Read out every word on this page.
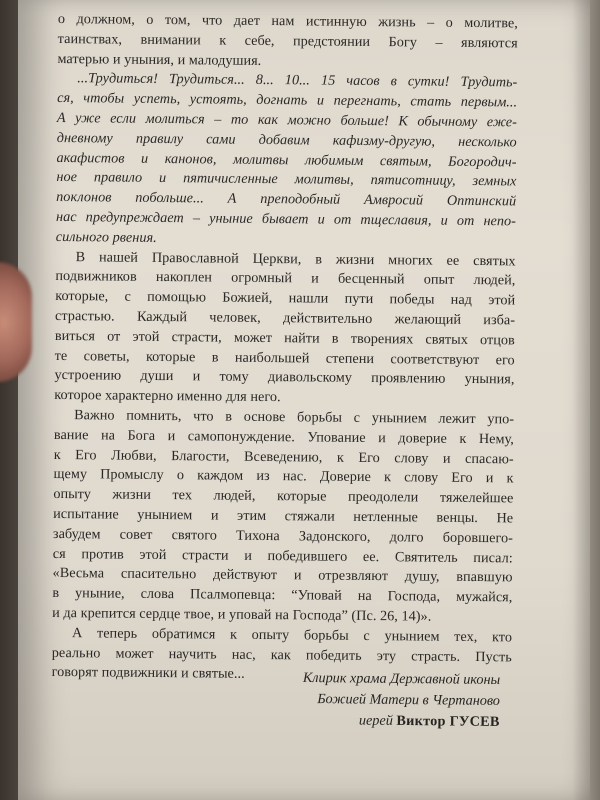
о должном, о том, что дает нам истинную жизнь – о молитве,
таинствах, внимании к себе, предстоянии Богу – являются
матерью и уныния, и малодушия.

...Трудиться! Трудиться... 8... 10... 15 часов в сутки! Трудить-
ся, чтобы успеть, устоять, догнать и перегнать, стать первым...
А уже если молиться – то как можно больше! К обычному еже-
дневному правилу сами добавим кафизму-другую, несколько
акафистов и канонов, молитвы любимым святым, Богородич-
ное правило и пятичисленные молитвы, пятисотницу, земных
поклонов побольше... А преподобный Амвросий Оптинский
нас предупреждает – уныние бывает и от тщеславия, и от непо-
сильного рвения.

В нашей Православной Церкви, в жизни многих ее святых
подвижников накоплен огромный и бесценный опыт людей,
которые, с помощью Божией, нашли пути победы над этой
страстью. Каждый человек, действительно желающий изба-
виться от этой страсти, может найти в творениях святых отцов
те советы, которые в наибольшей степени соответствуют его
устроению души и тому диавольскому проявлению уныния,
которое характерно именно для него.

Важно помнить, что в основе борьбы с унынием лежит упо-
вание на Бога и самопонуждение. Упование и доверие к Нему,
к Его Любви, Благости, Всеведению, к Его слову и спасаю-
щему Промыслу о каждом из нас. Доверие к слову Его и к
опыту жизни тех людей, которые преодолели тяжелейшее
испытание унынием и этим стяжали нетленные венцы. Не
забудем совет святого Тихона Задонского, долго боровшего-
ся против этой страсти и победившего ее. Святитель писал:
«Весьма спасительно действуют и отрезвляют душу, впавшую
в уныние, слова Псалмопевца: “Уповай на Господа, мужайся,
и да крепится сердце твое, и уповай на Господа” (Пс. 26, 14)».

А теперь обратимся к опыту борьбы с унынием тех, кто
реально может научить нас, как победить эту страсть. Пусть
говорят подвижники и святые...	Клирик храма Державной иконы
Божией Матери в Чертаново
иерей Виктор ГУСЕВ
